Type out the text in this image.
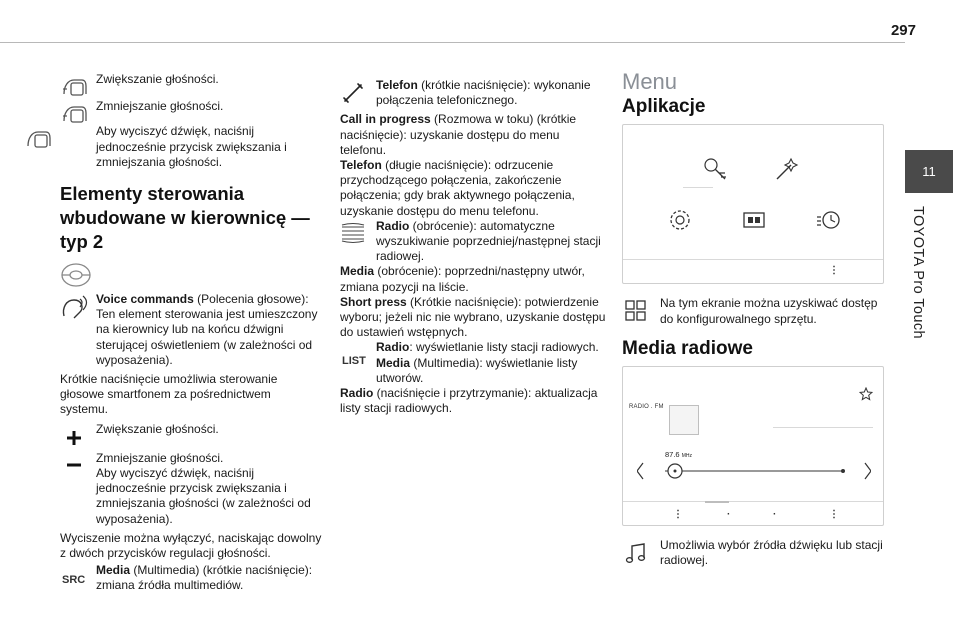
297
11
TOYOTA Pro Touch
Zwiększanie głośności.
Zmniejszanie głośności.
Aby wyciszyć dźwięk, naciśnij jednocześnie przycisk zwiększania i zmniejszania głośności.
Elementy sterowania wbudowane w kierownicę — typ 2
Voice commands (Polecenia głosowe): Ten element sterowania jest umieszczony na kierownicy lub na końcu dźwigni sterującej oświetleniem (w zależności od wyposażenia).
Krótkie naciśnięcie umożliwia sterowanie głosowe smartfonem za pośrednictwem systemu.
Zwiększanie głośności.
Zmniejszanie głośności.
Aby wyciszyć dźwięk, naciśnij jednocześnie przycisk zwiększania i zmniejszania głośności (w zależności od wyposażenia).
Wyciszenie można wyłączyć, naciskając dowolny z dwóch przycisków regulacji głośności.
SRC
Media (Multimedia) (krótkie naciśnięcie): zmiana źródła multimediów.
Telefon (krótkie naciśnięcie): wykonanie połączenia telefonicznego.
Call in progress (Rozmowa w toku) (krótkie naciśnięcie): uzyskanie dostępu do menu telefonu.
Telefon (długie naciśnięcie): odrzucenie przychodzącego połączenia, zakończenie połączenia; gdy brak aktywnego połączenia, uzyskanie dostępu do menu telefonu.
Radio (obrócenie): automatyczne wyszukiwanie poprzedniej/następnej stacji radiowej.
Media (obrócenie): poprzedni/następny utwór, zmiana pozycji na liście.
Short press (Krótkie naciśnięcie): potwierdzenie wyboru; jeżeli nic nie wybrano, uzyskanie dostępu do ustawień wstępnych.
LIST
Radio: wyświetlanie listy stacji radiowych.
Media (Multimedia): wyświetlanie listy utworów.
Radio (naciśnięcie i przytrzymanie): aktualizacja listy stacji radiowych.
Menu
Aplikacje
⋮
Na tym ekranie można uzyskiwać dostęp do konfigurowalnego sprzętu.
Media radiowe
RADIO . FM
87.6 MHz
⋮	·	·	⋮
Umożliwia wybór źródła dźwięku lub stacji radiowej.
